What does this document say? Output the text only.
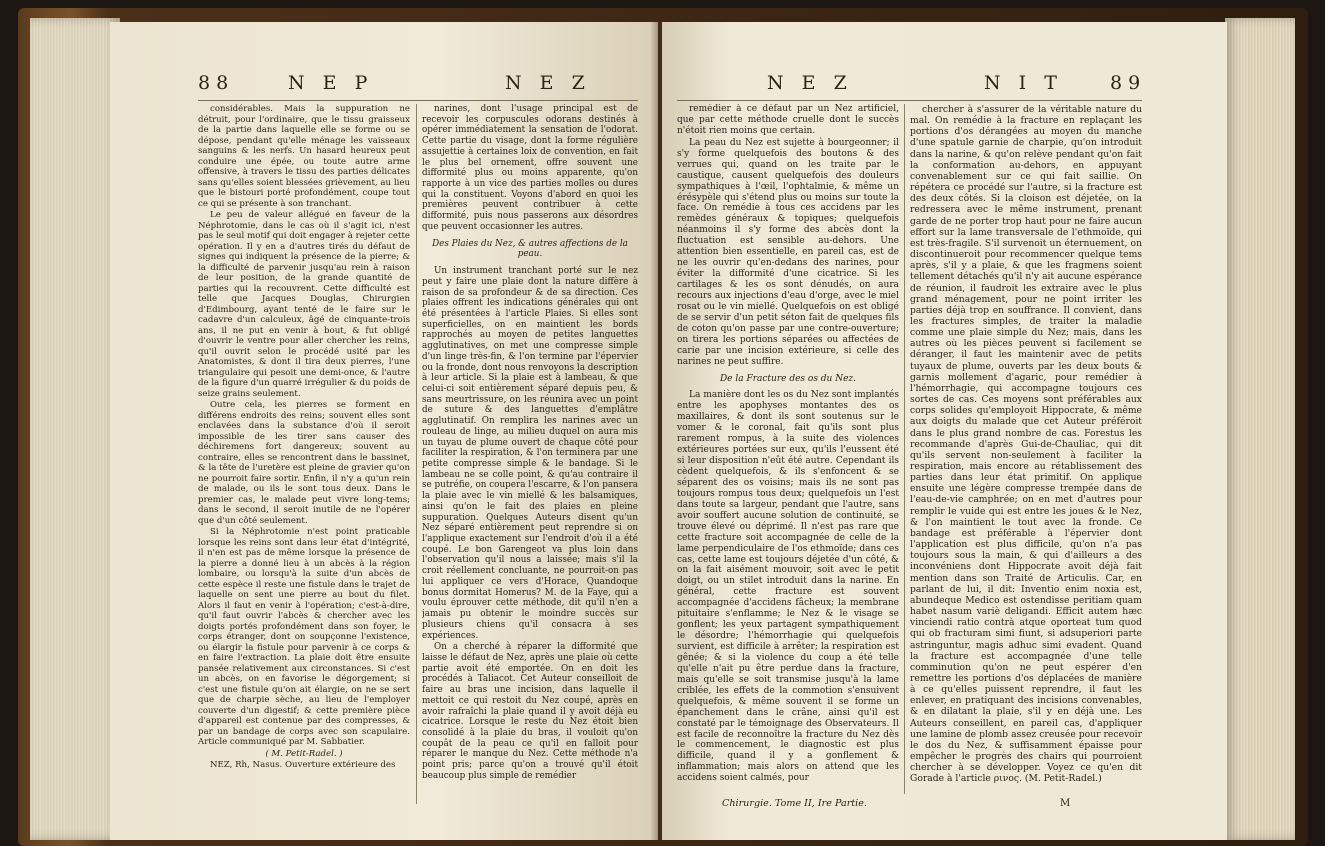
88	N E P	N E Z

considérables. Mais la suppuration ne détruit, pour l'ordinaire, que le tissu graisseux de la partie dans laquelle elle se forme ou se dépose, pendant qu'elle ménage les vaisseaux sanguins & les nerfs. Un hasard heureux peut conduire une épée, ou toute autre arme offensive, à travers le tissu des parties délicates sans qu'elles soient blessées grièvement, au lieu que le bistouri porté profondément, coupe tout ce qui se présente à son tranchant.

Le peu de valeur allégué en faveur de la Néphrotomie, dans le cas où il s'agit ici, n'est pas le seul motif qui doit engager à rejeter cette opération. Il y en a d'autres tirés du défaut de signes qui indiquent la présence de la pierre; & la difficulté de parvenir jusqu'au rein à raison de leur position, de la grande quantité de parties qui la recouvrent. Cette difficulté est telle que Jacques Douglas, Chirurgien d'Edimbourg, ayant tenté de le faire sur le cadavre d'un calculeux, âgé de cinquante-trois ans, il ne put en venir à bout, & fut obligé d'ouvrir le ventre pour aller chercher les reins, qu'il ouvrit selon le procédé usité par les Anatomistes, & dont il tira deux pierres, l'une triangulaire qui pesoit une demi-once, & l'autre de la figure d'un quarré irrégulier & du poids de seize grains seulement.

Outre cela, les pierres se forment en différens endroits des reins; souvent elles sont enclavées dans la substance d'où il seroit impossible de les tirer sans causer des déchiremens fort dangereux; souvent au contraire, elles se rencontrent dans le bassinet, & la tête de l'uretère est pleine de gravier qu'on ne pourroit faire sortir. Enfin, il n'y a qu'un rein de malade, ou ils le sont tous deux. Dans le premier cas, le malade peut vivre long-tems; dans le second, il seroit inutile de ne l'opérer que d'un côté seulement.

Si la Néphrotomie n'est point praticable lorsque les reins sont dans leur état d'intégrité, il n'en est pas de même lorsque la présence de la pierre a donné lieu à un abcès à la région lombaire, ou lorsqu'à la suite d'un abcès de cette espèce il reste une fistule dans le trajet de laquelle on sent une pierre au bout du filet. Alors il faut en venir à l'opération; c'est-à-dire, qu'il faut ouvrir l'abcès & chercher avec les doigts portés profondément dans son foyer, le corps étranger, dont on soupçonne l'existence, ou élargir la fistule pour parvenir à ce corps & en faire l'extraction. La plaie doit être ensuite pansée relativement aux circonstances. Si c'est un abcès, on en favorise le dégorgement; si c'est une fistule qu'on ait élargie, on ne se sert que de charpie sèche, au lieu de l'employer couverte d'un digestif; & cette première pièce d'appareil est contenue par des compresses, & par un bandage de corps avec son scapulaire. Article communiqué par M. Sabbatier.

( M. Petit-Radel. )

NEZ, Rh, Nasus. Ouverture extérieure des

narines, dont l'usage principal est de recevoir les corpuscules odorans destinés à opérer immédiatement la sensation de l'odorat. Cette partie du visage, dont la forme régulière assujettie à certaines loix de convention, en fait le plus bel ornement, offre souvent une difformité plus ou moins apparente, qu'on rapporte à un vice des parties molles ou dures qui la constituent. Voyons d'abord en quoi les premières peuvent contribuer à cette difformité, puis nous passerons aux désordres que peuvent occasionner les autres.

Des Plaies du Nez, & autres affections de la peau.

Un instrument tranchant porté sur le nez peut y faire une plaie dont la nature diffère à raison de sa profondeur & de sa direction. Ces plaies offrent les indications générales qui ont été présentées à l'article Plaies. Si elles sont superficielles, on en maintient les bords rapprochés au moyen de petites languettes agglutinatives, on met une compresse simple d'un linge très-fin, & l'on termine par l'épervier ou la fronde, dont nous renvoyons la description à leur article. Si la plaie est à lambeau, & que celui-ci soit entièrement séparé depuis peu, & sans meurtrissure, on les réunira avec un point de suture & des languettes d'emplâtre agglutinatif. On remplira les narines avec un rouleau de linge, au milieu duquel on aura mis un tuyau de plume ouvert de chaque côté pour faciliter la respiration, & l'on terminera par une petite compresse simple & le bandage. Si le lambeau ne se colle point, & qu'au contraire il se putréfie, on coupera l'escarre, & l'on pansera la plaie avec le vin miellé & les balsamiques, ainsi qu'on le fait des plaies en pleine suppuration. Quelques Auteurs disent qu'un Nez séparé entièrement peut reprendre si on l'applique exactement sur l'endroit d'où il a été coupé. Le bon Garengeot va plus loin dans l'observation qu'il nous a laissée; mais s'il la croit réellement concluante, ne pourroit-on pas lui appliquer ce vers d'Horace, Quandoque bonus dormitat Homerus? M. de la Faye, qui a voulu éprouver cette méthode, dit qu'il n'en a jamais pu obtenir le moindre succès sur plusieurs chiens qu'il consacra à ses expériences.

On a cherché à réparer la difformité que laisse le défaut de Nez, après une plaie où cette partie avoit été emportée. On en doit les procédés à Taliacot. Cet Auteur conseilloit de faire au bras une incision, dans laquelle il mettoit ce qui restoit du Nez coupé, après en avoir rafraîchi la plaie quand il y avoit déjà eu cicatrice. Lorsque le reste du Nez étoit bien consolidé à la plaie du bras, il vouloit qu'on coupât de la peau ce qu'il en falloit pour réparer le manque du Nez. Cette méthode n'a point pris; parce qu'on a trouvé qu'il étoit beaucoup plus simple de remédier

N E Z	N I T 89

remédier à ce défaut par un Nez artificiel, que par cette méthode cruelle dont le succès n'étoit rien moins que certain.

La peau du Nez est sujette à bourgeonner; il s'y forme quelquefois des boutons & des verrues qui, quand on les traite par le caustique, causent quelquefois des douleurs sympathiques à l'œil, l'ophtalmie, & même un érésypèle qui s'étend plus ou moins sur toute la face. On remédie à tous ces accidens par les remèdes généraux & topiques; quelquefois néanmoins il s'y forme des abcès dont la fluctuation est sensible au-dehors. Une attention bien essentielle, en pareil cas, est de ne les ouvrir qu'en-dedans des narines, pour éviter la difformité d'une cicatrice. Si les cartilages & les os sont dénudés, on aura recours aux injections d'eau d'orge, avec le miel rosat ou le vin miellé. Quelquefois on est obligé de se servir d'un petit séton fait de quelques fils de coton qu'on passe par une contre-ouverture; on tirera les portions séparées ou affectées de carie par une incision extérieure, si celle des narines ne peut suffire.

De la Fracture des os du Nez.

La manière dont les os du Nez sont implantés entre les apophyses montantes des os maxillaires, & dont ils sont soutenus sur le vomer & le coronal, fait qu'ils sont plus rarement rompus, à la suite des violences extérieures portées sur eux, qu'ils l'eussent été si leur disposition n'eût été autre. Cependant ils cèdent quelquefois, & ils s'enfoncent & se séparent des os voisins; mais ils ne sont pas toujours rompus tous deux; quelquefois un l'est dans toute sa largeur, pendant que l'autre, sans avoir souffert aucune solution de continuité, se trouve élevé ou déprimé. Il n'est pas rare que cette fracture soit accompagnée de celle de la lame perpendiculaire de l'os ethmoïde; dans ces cas, cette lame est toujours déjetée d'un côté, & on la fait aisément mouvoir, soit avec le petit doigt, ou un stilet introduit dans la narine. En général, cette fracture est souvent accompagnée d'accidens fâcheux; la membrane pituitaire s'enflamme; le Nez & le visage se gonflent; les yeux partagent sympathiquement le désordre; l'hémorrhagie qui quelquefois survient, est difficile à arrêter; la respiration est gênée; & si la violence du coup a été telle qu'elle n'ait pu être perdue dans la fracture, mais qu'elle se soit transmise jusqu'à la lame criblée, les effets de la commotion s'ensuivent quelquefois, & même souvent il se forme un épanchement dans le crâne, ainsi qu'il est constaté par le témoignage des Observateurs. Il est facile de reconnoître la fracture du Nez dès le commencement, le diagnostic est plus difficile, quand il y a gonflement & inflammation; mais alors on attend que les accidens soient calmés, pour

chercher à s'assurer de la véritable nature du mal. On remédie à la fracture en replaçant les portions d'os dérangées au moyen du manche d'une spatule garnie de charpie, qu'on introduit dans la narine, & qu'on relève pendant qu'on fait la conformation au-dehors, en appuyant convenablement sur ce qui fait saillie. On répétera ce procédé sur l'autre, si la fracture est des deux côtés. Si la cloison est déjetée, on la redressera avec le même instrument, prenant garde de ne porter trop haut pour ne faire aucun effort sur la lame transversale de l'ethmoïde, qui est très-fragile. S'il survenoit un éternuement, on discontinueroit pour recommencer quelque tems après, s'il y a plaie, & que les fragmens soient tellement détachés qu'il n'y ait aucune espérance de réunion, il faudroit les extraire avec le plus grand ménagement, pour ne point irriter les parties déjà trop en souffrance. Il convient, dans les fractures simples, de traiter la maladie comme une plaie simple du Nez; mais, dans les autres où les pièces peuvent si facilement se déranger, il faut les maintenir avec de petits tuyaux de plume, ouverts par les deux bouts & garnis mollement d'agaric, pour remédier à l'hémorrhagie, qui accompagne toujours ces sortes de cas. Ces moyens sont préférables aux corps solides qu'employoit Hippocrate, & même aux doigts du malade que cet Auteur préféroit dans le plus grand nombre de cas. Forestus les recommande d'après Gui-de-Chauliac, qui dit qu'ils servent non-seulement à faciliter la respiration, mais encore au rétablissement des parties dans leur état primitif. On applique ensuite une légère compresse trempée dans de l'eau-de-vie camphrée; on en met d'autres pour remplir le vuide qui est entre les joues & le Nez, & l'on maintient le tout avec la fronde. Ce bandage est préférable à l'épervier dont l'application est plus difficile, qu'on n'a pas toujours sous la main, & qui d'ailleurs a des inconvéniens dont Hippocrate avoit déjà fait mention dans son Traité de Articulis. Car, en parlant de lui, il dit: Inventio enim noxia est, abundeque Medico est ostendisse peritiam quam habet nasum variè deligandi. Efficit autem hæc vinciendi ratio contrà atque oporteat tum quod qui ob fracturam simi fiunt, si adsuperiori parte astringuntur, magis adhuc simi evadent. Quand la fracture est accompagnée d'une telle comminution qu'on ne peut espérer d'en remettre les portions d'os déplacées de manière à ce qu'elles puissent reprendre, il faut les enlever, en pratiquant des incisions convenables, & en dilatant la plaie, s'il y en déjà une. Les Auteurs conseillent, en pareil cas, d'appliquer une lamine de plomb assez creusée pour recevoir le dos du Nez, & suffisamment épaisse pour empêcher le progrès des chairs qui pourroient chercher à se développer. Voyez ce qu'en dit Gorade à l'article ρινος. (M. Petit-Radel.)

Chirurgie. Tome II, Ire Partie.	M
